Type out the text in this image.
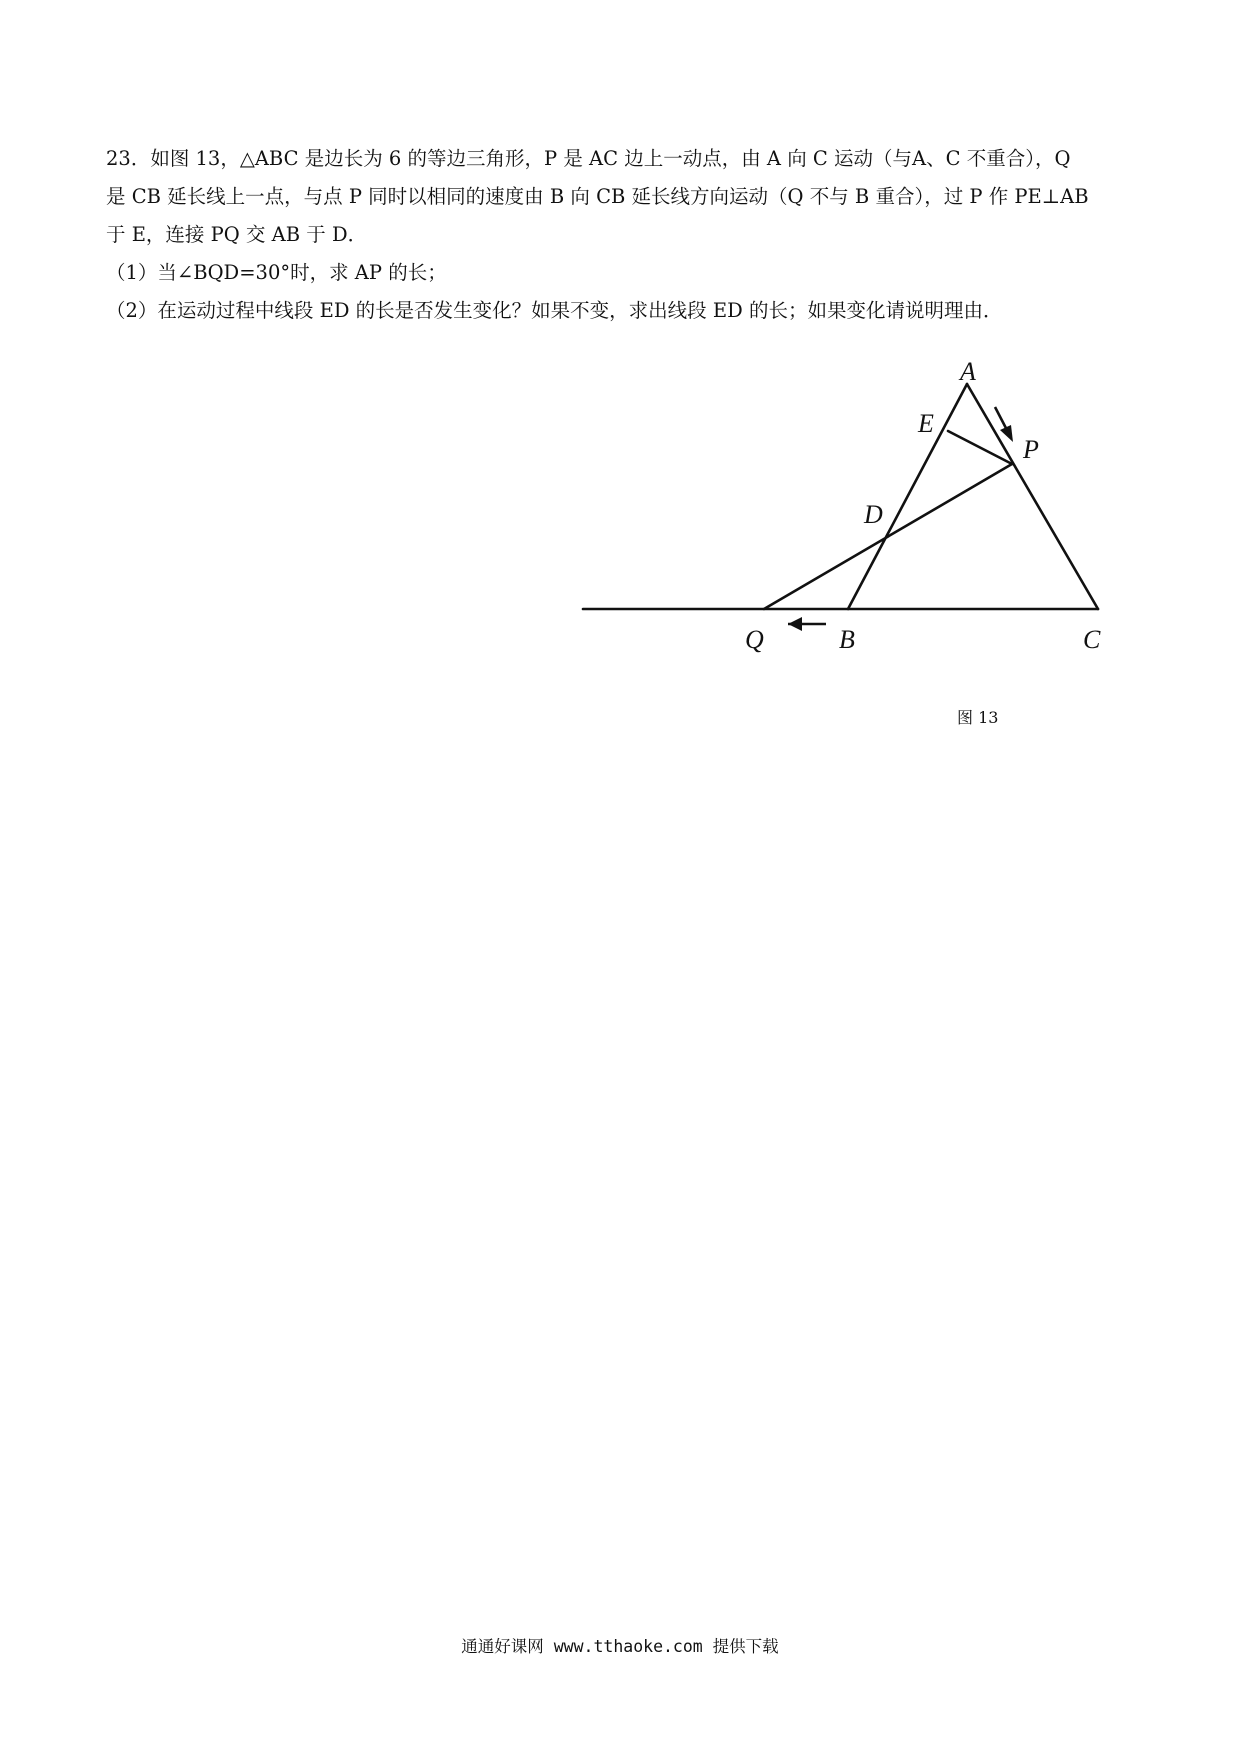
23．如图 13，△ABC 是边长为 6 的等边三角形，P 是 AC 边上一动点，由 A 向 C 运动（与A、C 不重合），Q
是 CB 延长线上一点，与点 P 同时以相同的速度由 B 向 CB 延长线方向运动（Q 不与 B 重合），过 P 作 PE⊥AB
于 E，连接 PQ 交 AB 于 D．
（1）当∠BQD=30°时，求 AP 的长；
（2）在运动过程中线段 ED 的长是否发生变化？如果不变，求出线段 ED 的长；如果变化请说明理由．
A
E
P
D
Q	B	C
图 13
通通好课网 www.tthaoke.com 提供下载
